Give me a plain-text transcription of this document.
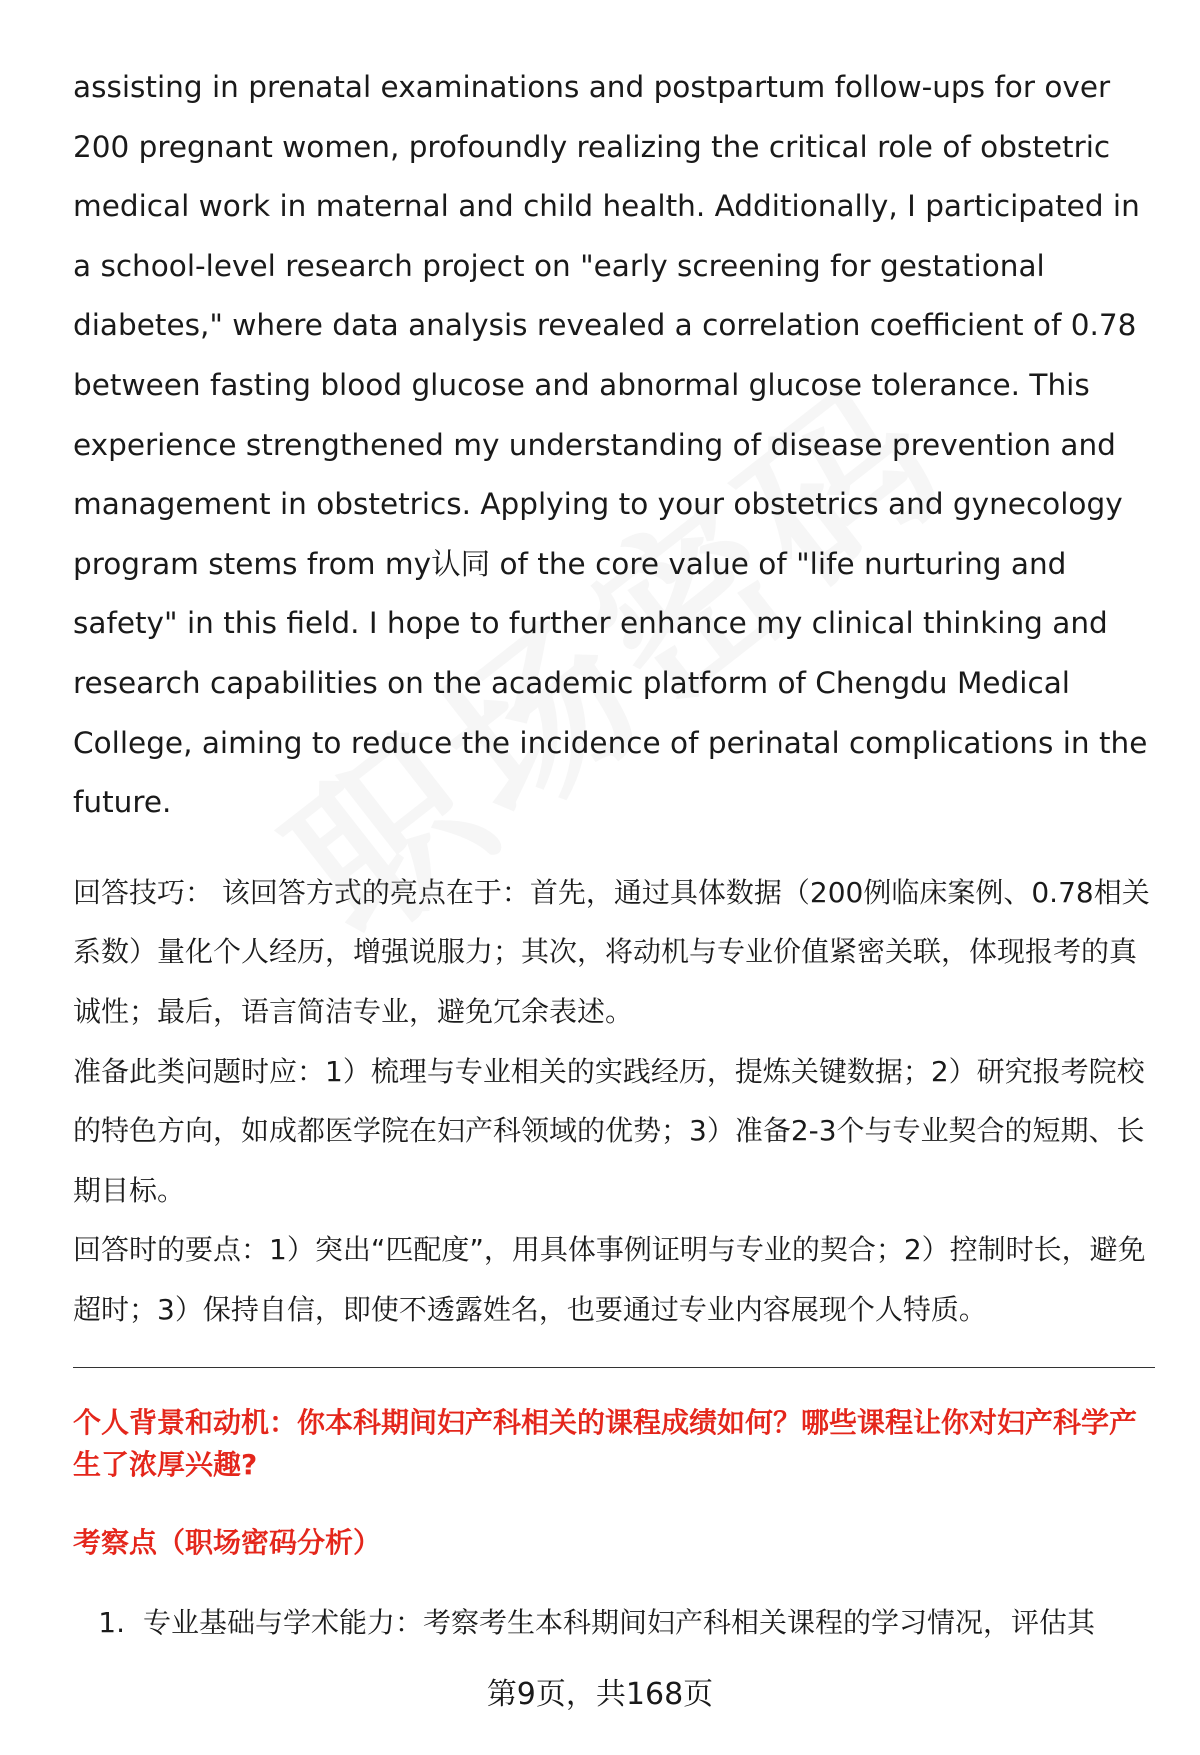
assisting in prenatal examinations and postpartum follow-ups for over 200 pregnant women, profoundly realizing the critical role of obstetric medical work in maternal and child health. Additionally, I participated in a school-level research project on "early screening for gestational diabetes," where data analysis revealed a correlation coefficient of 0.78 between fasting blood glucose and abnormal glucose tolerance. This experience strengthened my understanding of disease prevention and management in obstetrics. Applying to your obstetrics and gynecology program stems from my认同 of the core value of "life nurturing and safety" in this field. I hope to further enhance my clinical thinking and research capabilities on the academic platform of Chengdu Medical College, aiming to reduce the incidence of perinatal complications in the future.

回答技巧： 该回答方式的亮点在于：首先，通过具体数据（200例临床案例、0.78相关系数）量化个人经历，增强说服力；其次，将动机与专业价值紧密关联，体现报考的真诚性；最后，语言简洁专业，避免冗余表述。

准备此类问题时应：1）梳理与专业相关的实践经历，提炼关键数据；2）研究报考院校的特色方向，如成都医学院在妇产科领域的优势；3）准备2-3个与专业契合的短期、长期目标。

回答时的要点：1）突出“匹配度”，用具体事例证明与专业的契合；2）控制时长，避免超时；3）保持自信，即使不透露姓名，也要通过专业内容展现个人特质。

个人背景和动机：你本科期间妇产科相关的课程成绩如何？哪些课程让你对妇产科学产生了浓厚兴趣?
考察点（职场密码分析）
1. 专业基础与学术能力：考察考生本科期间妇产科相关课程的学习情况，评估其
第9页，共168页
